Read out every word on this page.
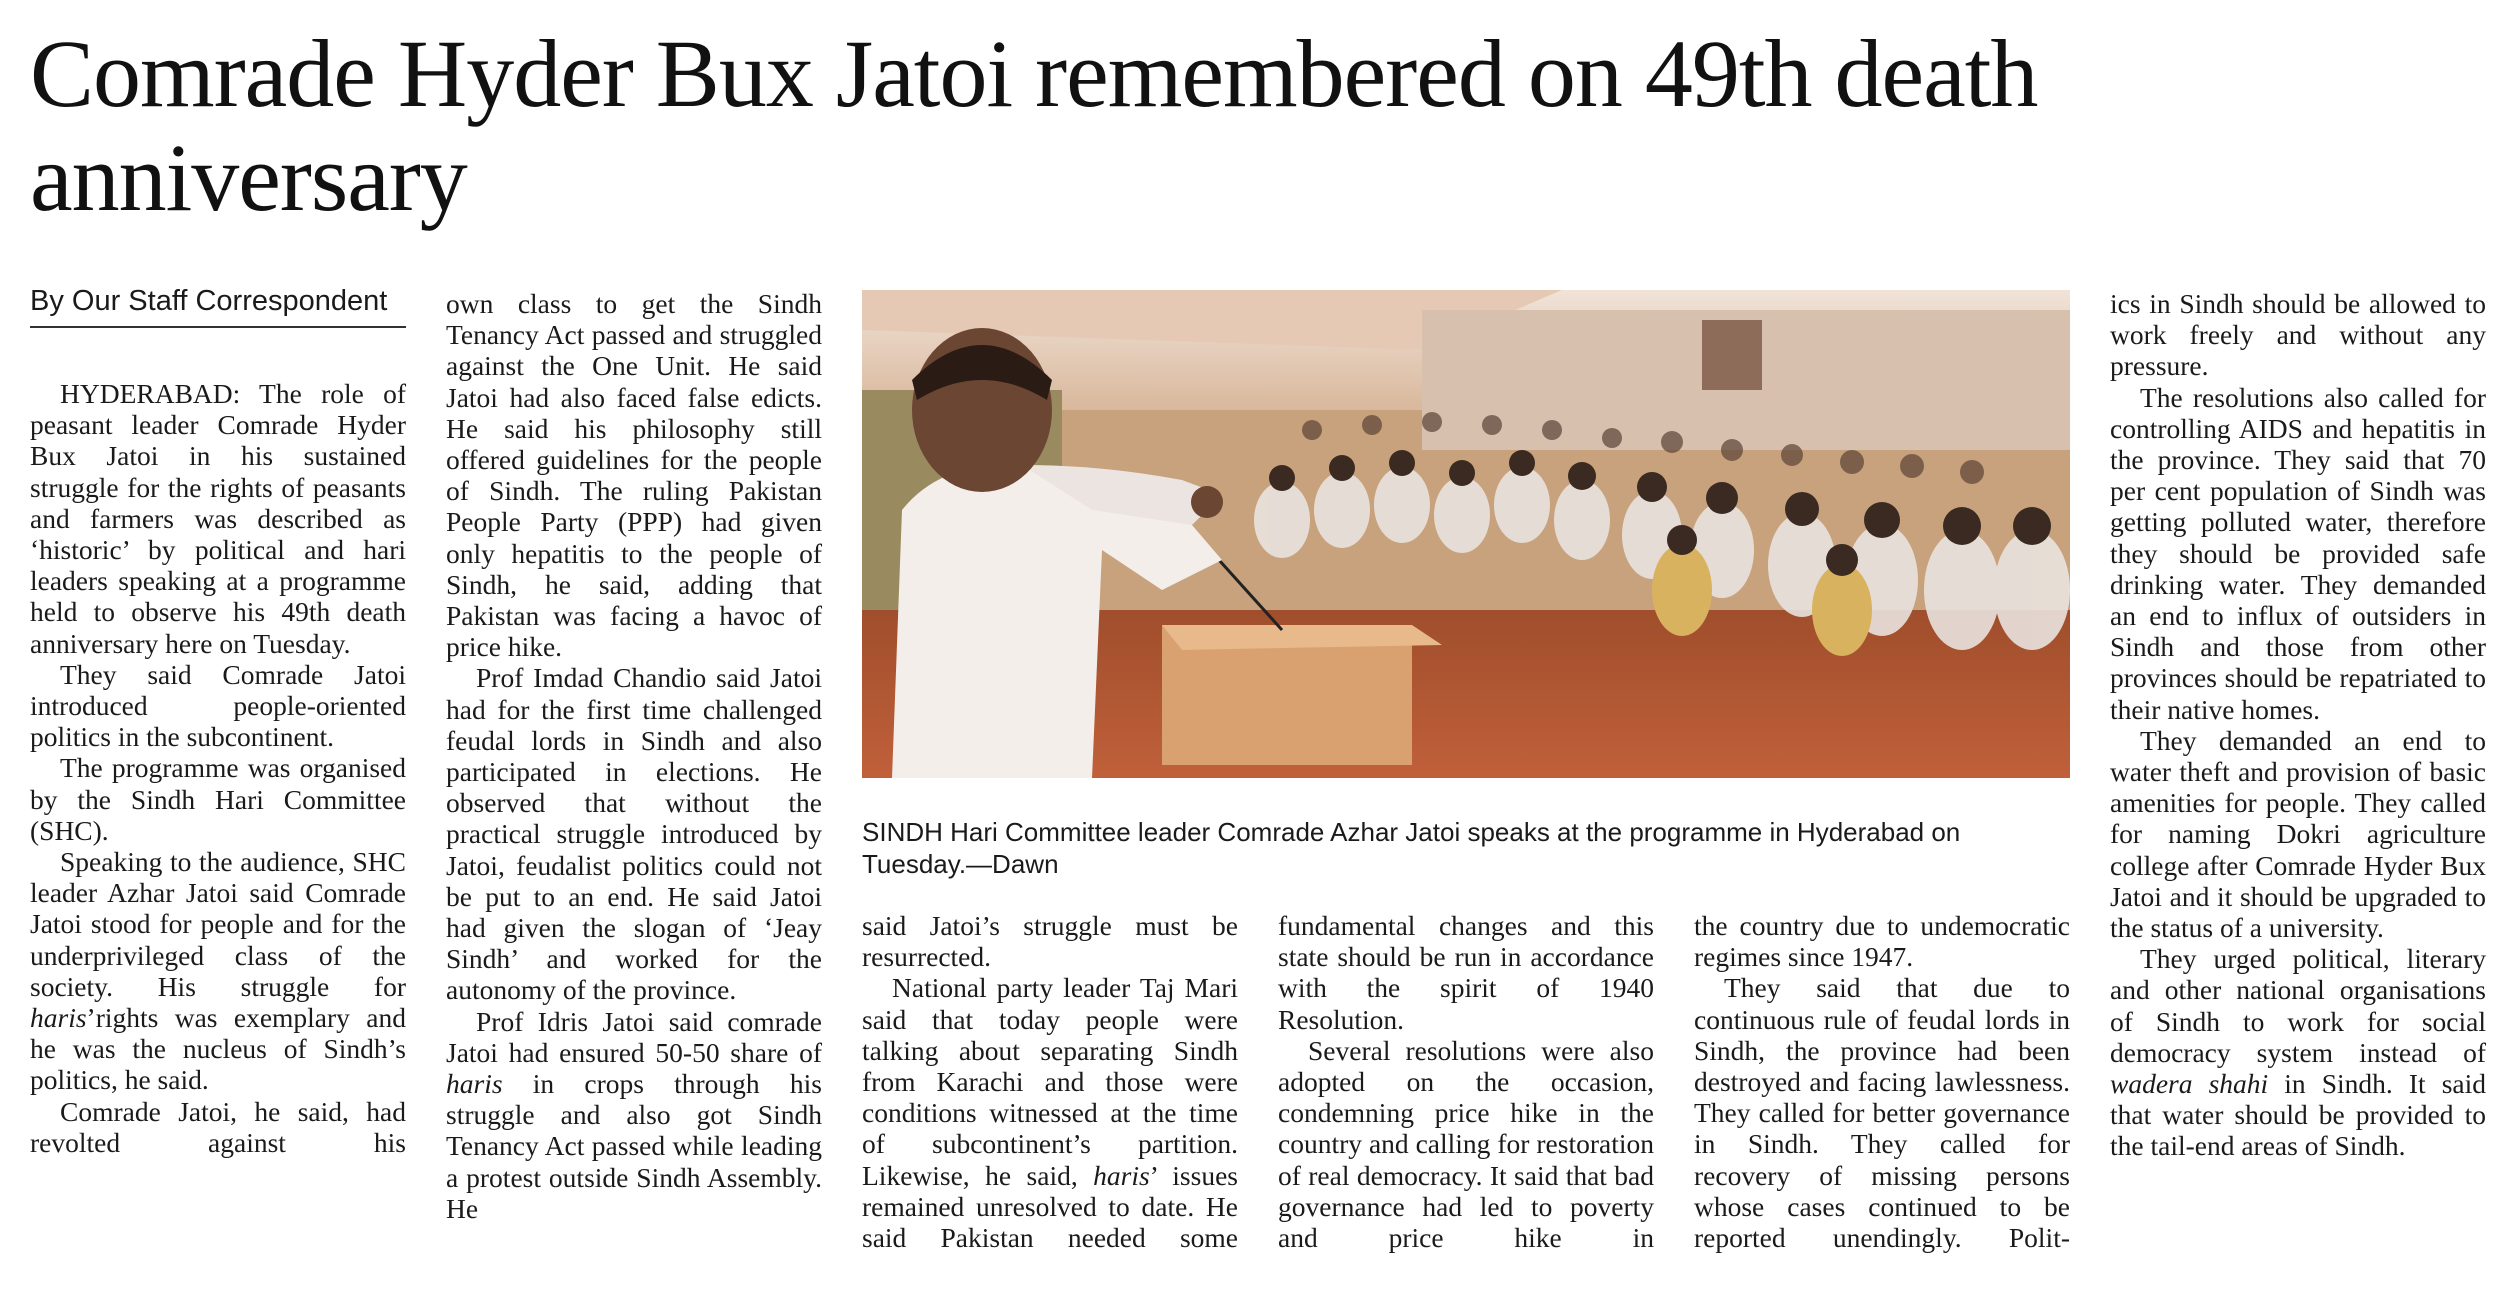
Comrade Hyder Bux Jatoi remembered on 49th death anniversary
By Our Staff Correspondent

HYDERABAD: The role of peasant leader Comrade Hyder Bux Jatoi in his sustained struggle for the rights of peasants and farmers was described as ‘historic’ by political and hari leaders speaking at a programme held to observe his 49th death anniversary here on Tuesday.

They said Comrade Jatoi introduced people-oriented politics in the subcontinent.

The programme was organised by the Sindh Hari Committee (SHC).

Speaking to the audience, SHC leader Azhar Jatoi said Comrade Jatoi stood for people and for the underprivileged class of the society. His struggle for haris’rights was exemplary and he was the nucleus of Sindh’s politics, he said.

Comrade Jatoi, he said, had revolted against his

own class to get the Sindh Tenancy Act passed and struggled against the One Unit. He said Jatoi had also faced false edicts. He said his philosophy still offered guidelines for the people of Sindh. The ruling Pakistan People Party (PPP) had given only hepatitis to the people of Sindh, he said, adding that Pakistan was facing a havoc of price hike.

Prof Imdad Chandio said Jatoi had for the first time challenged feudal lords in Sindh and also participated in elections. He observed that without the practical struggle introduced by Jatoi, feudalist politics could not be put to an end. He said Jatoi had given the slogan of ‘Jeay Sindh’ and worked for the autonomy of the province.

Prof Idris Jatoi said comrade Jatoi had ensured 50-50 share of haris in crops through his struggle and also got Sindh Tenancy Act passed while leading a protest outside Sindh Assembly. He

SINDH Hari Committee leader Comrade Azhar Jatoi speaks at the programme in Hyderabad on Tuesday.—Dawn

said Jatoi’s struggle must be resurrected.

National party leader Taj Mari said that today people were talking about separating Sindh from Karachi and those were conditions witnessed at the time of subcontinent’s partition. Likewise, he said, haris’ issues remained unresolved to date. He said Pakistan needed some

fundamental changes and this state should be run in accordance with the spirit of 1940 Resolution.

Several resolutions were also adopted on the occasion, condemning price hike in the country and calling for restoration of real democracy. It said that bad governance had led to poverty and price hike in

the country due to undemocratic regimes since 1947.

They said that due to continuous rule of feudal lords in Sindh, the province had been destroyed and facing lawlessness. They called for better governance in Sindh. They called for recovery of missing persons whose cases continued to be reported unendingly. Polit-

ics in Sindh should be allowed to work freely and without any pressure.

The resolutions also called for controlling AIDS and hepatitis in the province. They said that 70 per cent population of Sindh was getting polluted water, therefore they should be provided safe drinking water. They demanded an end to influx of outsiders in Sindh and those from other provinces should be repatriated to their native homes.

They demanded an end to water theft and provision of basic amenities for people. They called for naming Dokri agriculture college after Comrade Hyder Bux Jatoi and it should be upgraded to the status of a university.

They urged political, literary and other national organisations of Sindh to work for social democracy system instead of wadera shahi in Sindh. It said that water should be provided to the tail-end areas of Sindh.
